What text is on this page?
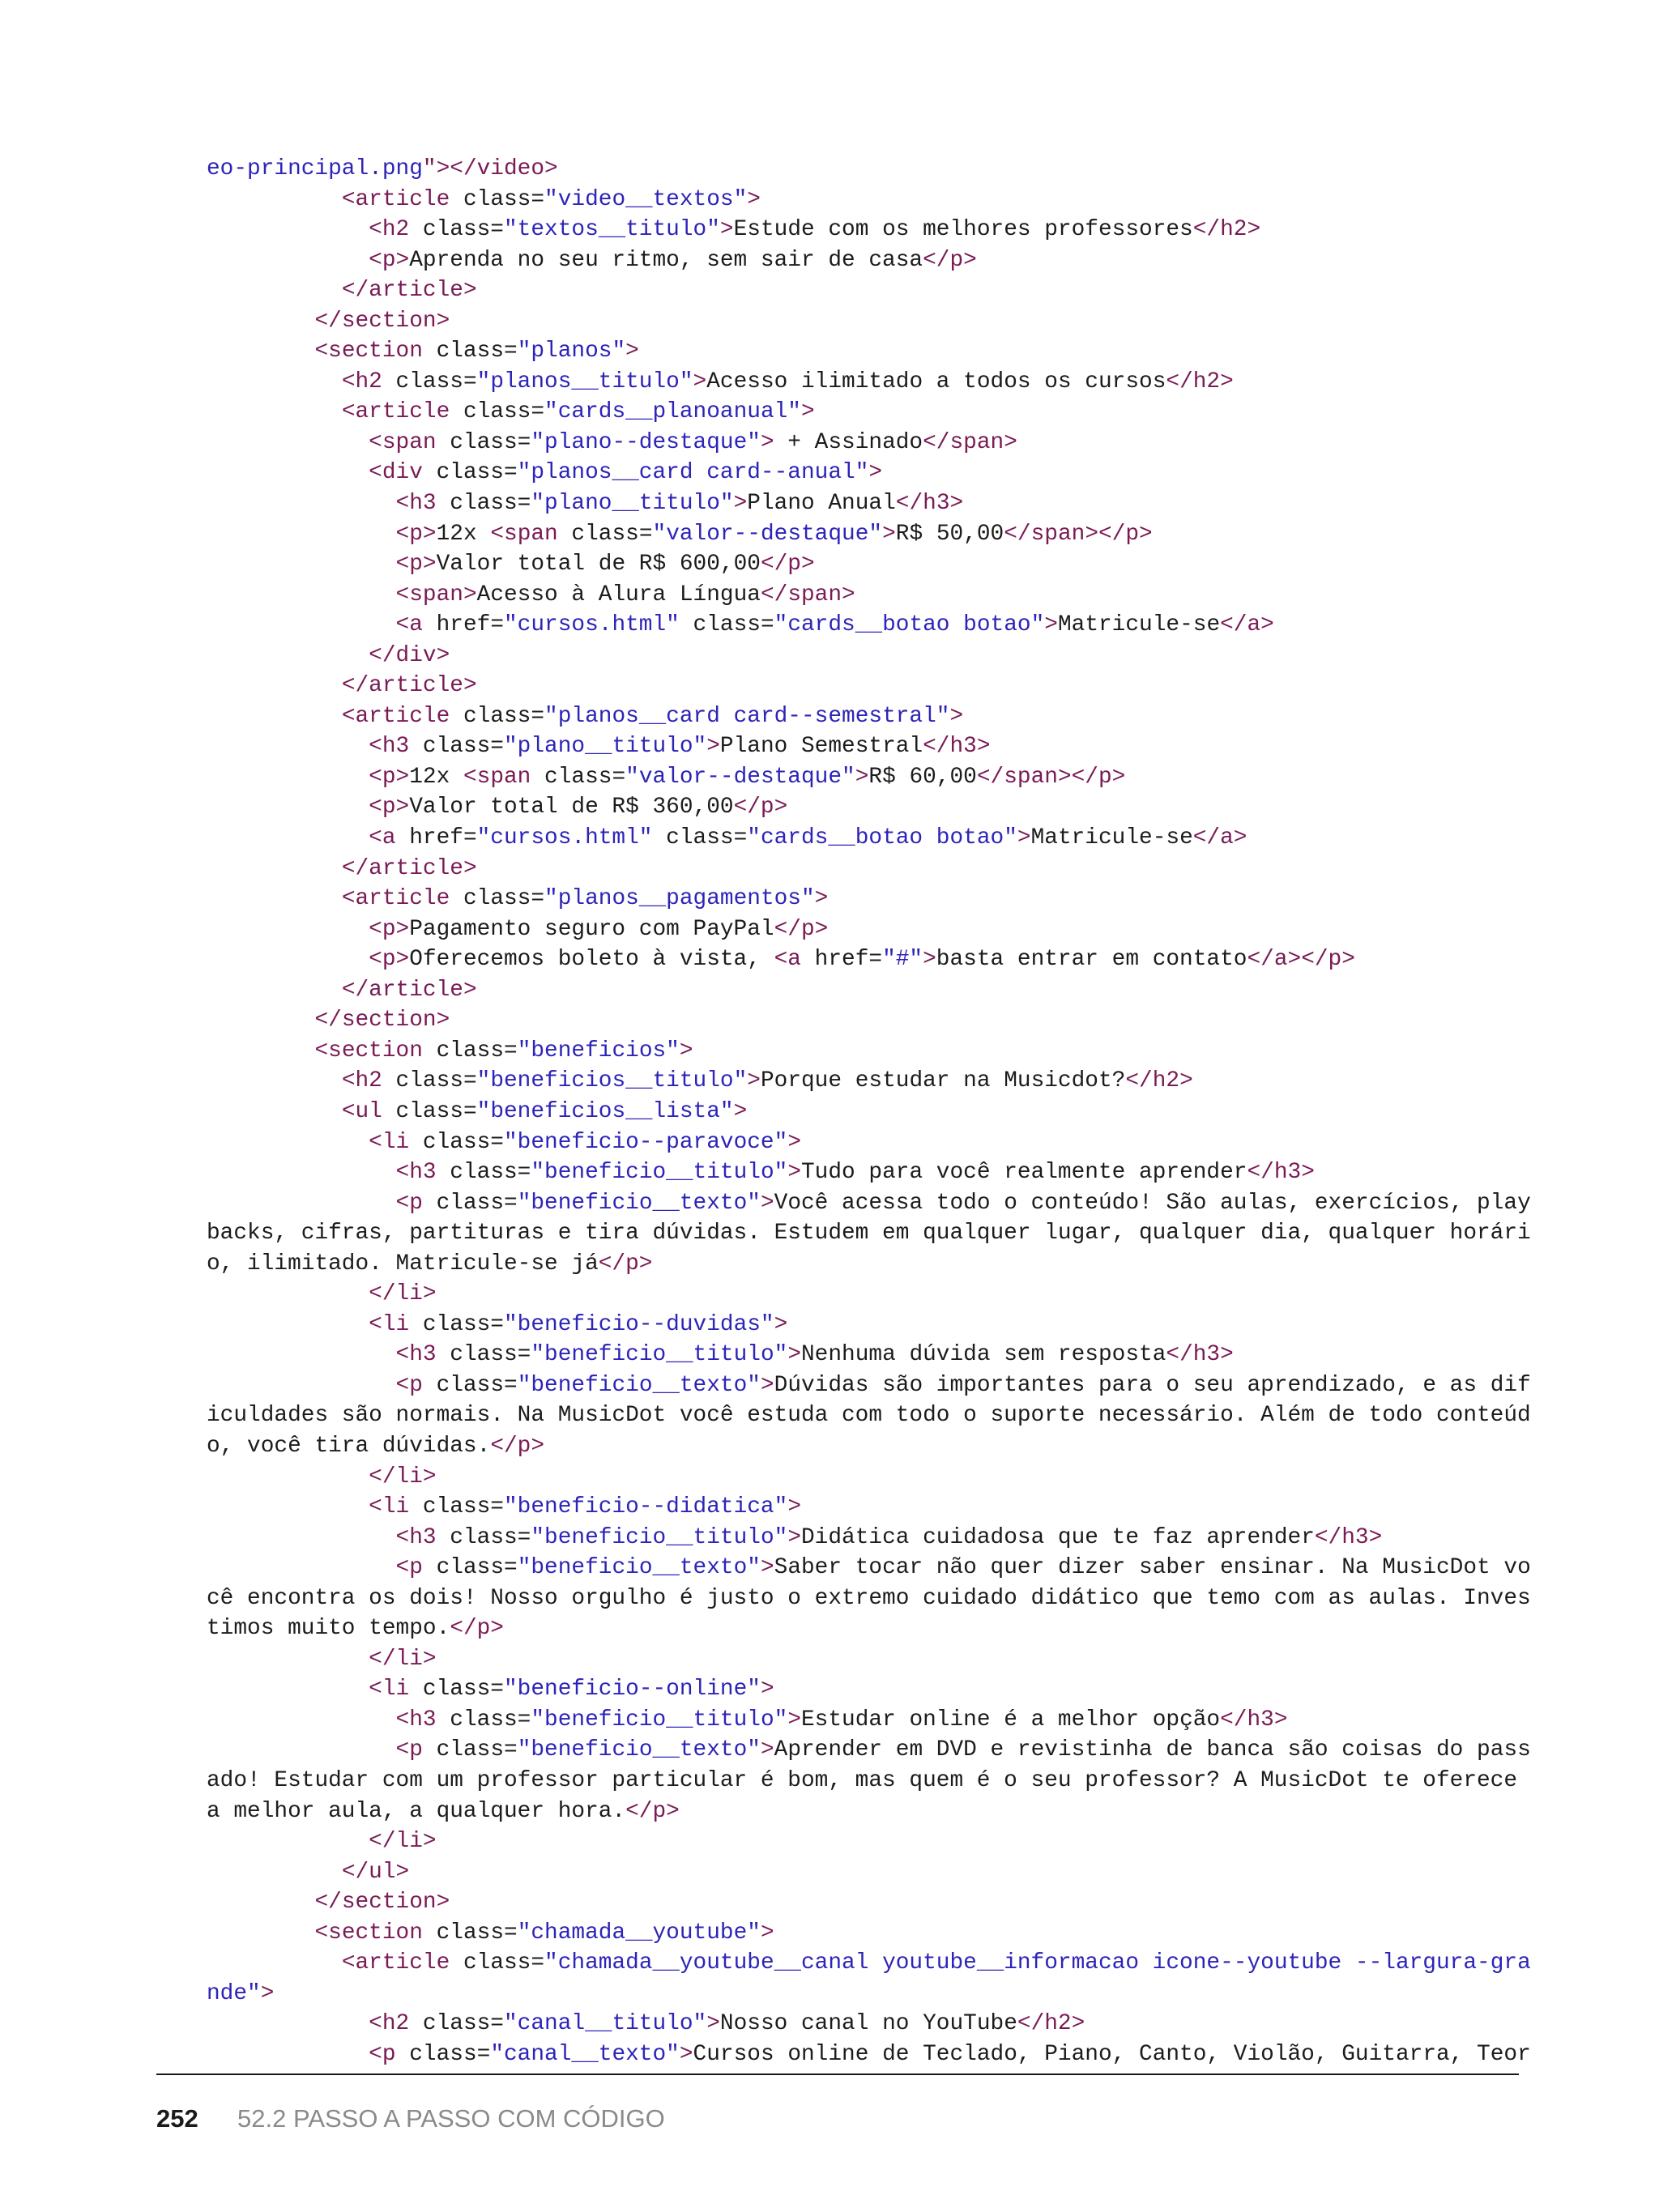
eo-principal.png"></video>
<article class="video__textos">
<h2 class="textos__titulo">Estude com os melhores professores</h2>
<p>Aprenda no seu ritmo, sem sair de casa</p>
</article>
</section>
<section class="planos">
<h2 class="planos__titulo">Acesso ilimitado a todos os cursos</h2>
<article class="cards__planoanual">
<span class="plano--destaque"> + Assinado</span>
<div class="planos__card card--anual">
<h3 class="plano__titulo">Plano Anual</h3>
<p>12x <span class="valor--destaque">R$ 50,00</span></p>
<p>Valor total de R$ 600,00</p>
<span>Acesso à Alura Língua</span>
<a href="cursos.html" class="cards__botao botao">Matricule-se</a>
</div>
</article>
<article class="planos__card card--semestral">
<h3 class="plano__titulo">Plano Semestral</h3>
<p>12x <span class="valor--destaque">R$ 60,00</span></p>
<p>Valor total de R$ 360,00</p>
<a href="cursos.html" class="cards__botao botao">Matricule-se</a>
</article>
<article class="planos__pagamentos">
<p>Pagamento seguro com PayPal</p>
<p>Oferecemos boleto à vista, <a href="#">basta entrar em contato</a></p>
</article>
</section>
<section class="beneficios">
<h2 class="beneficios__titulo">Porque estudar na Musicdot?</h2>
<ul class="beneficios__lista">
<li class="beneficio--paravoce">
<h3 class="beneficio__titulo">Tudo para você realmente aprender</h3>
<p class="beneficio__texto">Você acessa todo o conteúdo! São aulas, exercícios, play
backs, cifras, partituras e tira dúvidas. Estudem em qualquer lugar, qualquer dia, qualquer horári
o, ilimitado. Matricule-se já</p>
</li>
<li class="beneficio--duvidas">
<h3 class="beneficio__titulo">Nenhuma dúvida sem resposta</h3>
<p class="beneficio__texto">Dúvidas são importantes para o seu aprendizado, e as dif
iculdades são normais. Na MusicDot você estuda com todo o suporte necessário. Além de todo conteúd
o, você tira dúvidas.</p>
</li>
<li class="beneficio--didatica">
<h3 class="beneficio__titulo">Didática cuidadosa que te faz aprender</h3>
<p class="beneficio__texto">Saber tocar não quer dizer saber ensinar. Na MusicDot vo
cê encontra os dois! Nosso orgulho é justo o extremo cuidado didático que temo com as aulas. Inves
timos muito tempo.</p>
</li>
<li class="beneficio--online">
<h3 class="beneficio__titulo">Estudar online é a melhor opção</h3>
<p class="beneficio__texto">Aprender em DVD e revistinha de banca são coisas do pass
ado! Estudar com um professor particular é bom, mas quem é o seu professor? A MusicDot te oferece
a melhor aula, a qualquer hora.</p>
</li>
</ul>
</section>
<section class="chamada__youtube">
<article class="chamada__youtube__canal youtube__informacao icone--youtube --largura-gra
nde">
<h2 class="canal__titulo">Nosso canal no YouTube</h2>
<p class="canal__texto">Cursos online de Teclado, Piano, Canto, Violão, Guitarra, Teor
252 52.2 PASSO A PASSO COM CÓDIGO
